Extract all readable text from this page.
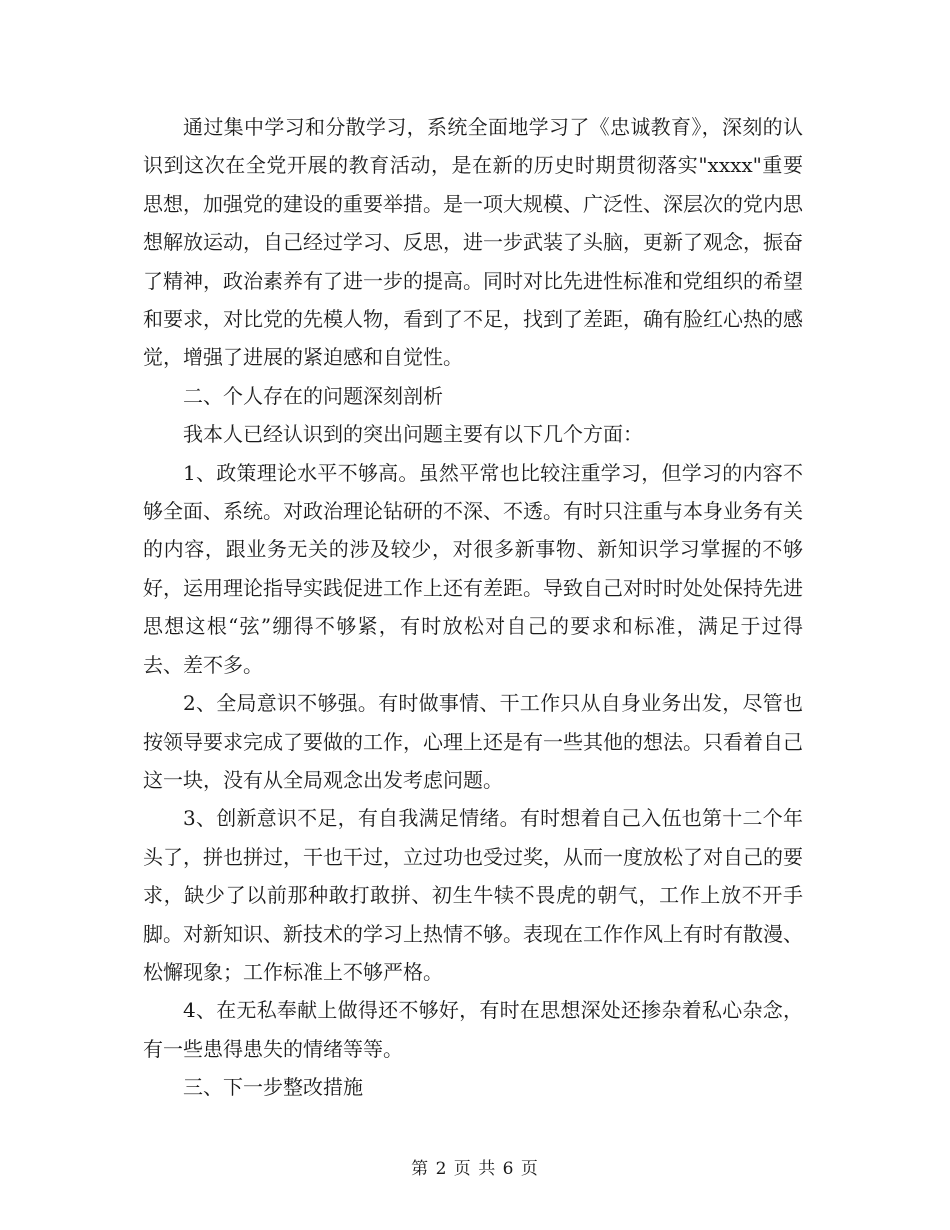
通过集中学习和分散学习，系统全面地学习了《忠诚教育》，深刻的认识到这次在全党开展的教育活动，是在新的历史时期贯彻落实"xxxx"重要思想，加强党的建设的重要举措。是一项大规模、广泛性、深层次的党内思想解放运动，自己经过学习、反思，进一步武装了头脑，更新了观念，振奋了精神，政治素养有了进一步的提高。同时对比先进性标准和党组织的希望和要求，对比党的先模人物，看到了不足，找到了差距，确有脸红心热的感觉，增强了进展的紧迫感和自觉性。

二、个人存在的问题深刻剖析

我本人已经认识到的突出问题主要有以下几个方面：

1、政策理论水平不够高。虽然平常也比较注重学习，但学习的内容不够全面、系统。对政治理论钻研的不深、不透。有时只注重与本身业务有关的内容，跟业务无关的涉及较少，对很多新事物、新知识学习掌握的不够好，运用理论指导实践促进工作上还有差距。导致自己对时时处处保持先进思想这根“弦”绷得不够紧，有时放松对自己的要求和标准，满足于过得去、差不多。

2、全局意识不够强。有时做事情、干工作只从自身业务出发，尽管也按领导要求完成了要做的工作，心理上还是有一些其他的想法。只看着自己这一块，没有从全局观念出发考虑问题。

3、创新意识不足，有自我满足情绪。有时想着自己入伍也第十二个年头了，拼也拼过，干也干过，立过功也受过奖，从而一度放松了对自己的要求，缺少了以前那种敢打敢拼、初生牛犊不畏虎的朝气，工作上放不开手脚。对新知识、新技术的学习上热情不够。表现在工作作风上有时有散漫、松懈现象；工作标准上不够严格。

4、在无私奉献上做得还不够好，有时在思想深处还掺杂着私心杂念，有一些患得患失的情绪等等。

三、下一步整改措施

第 2 页 共 6 页
